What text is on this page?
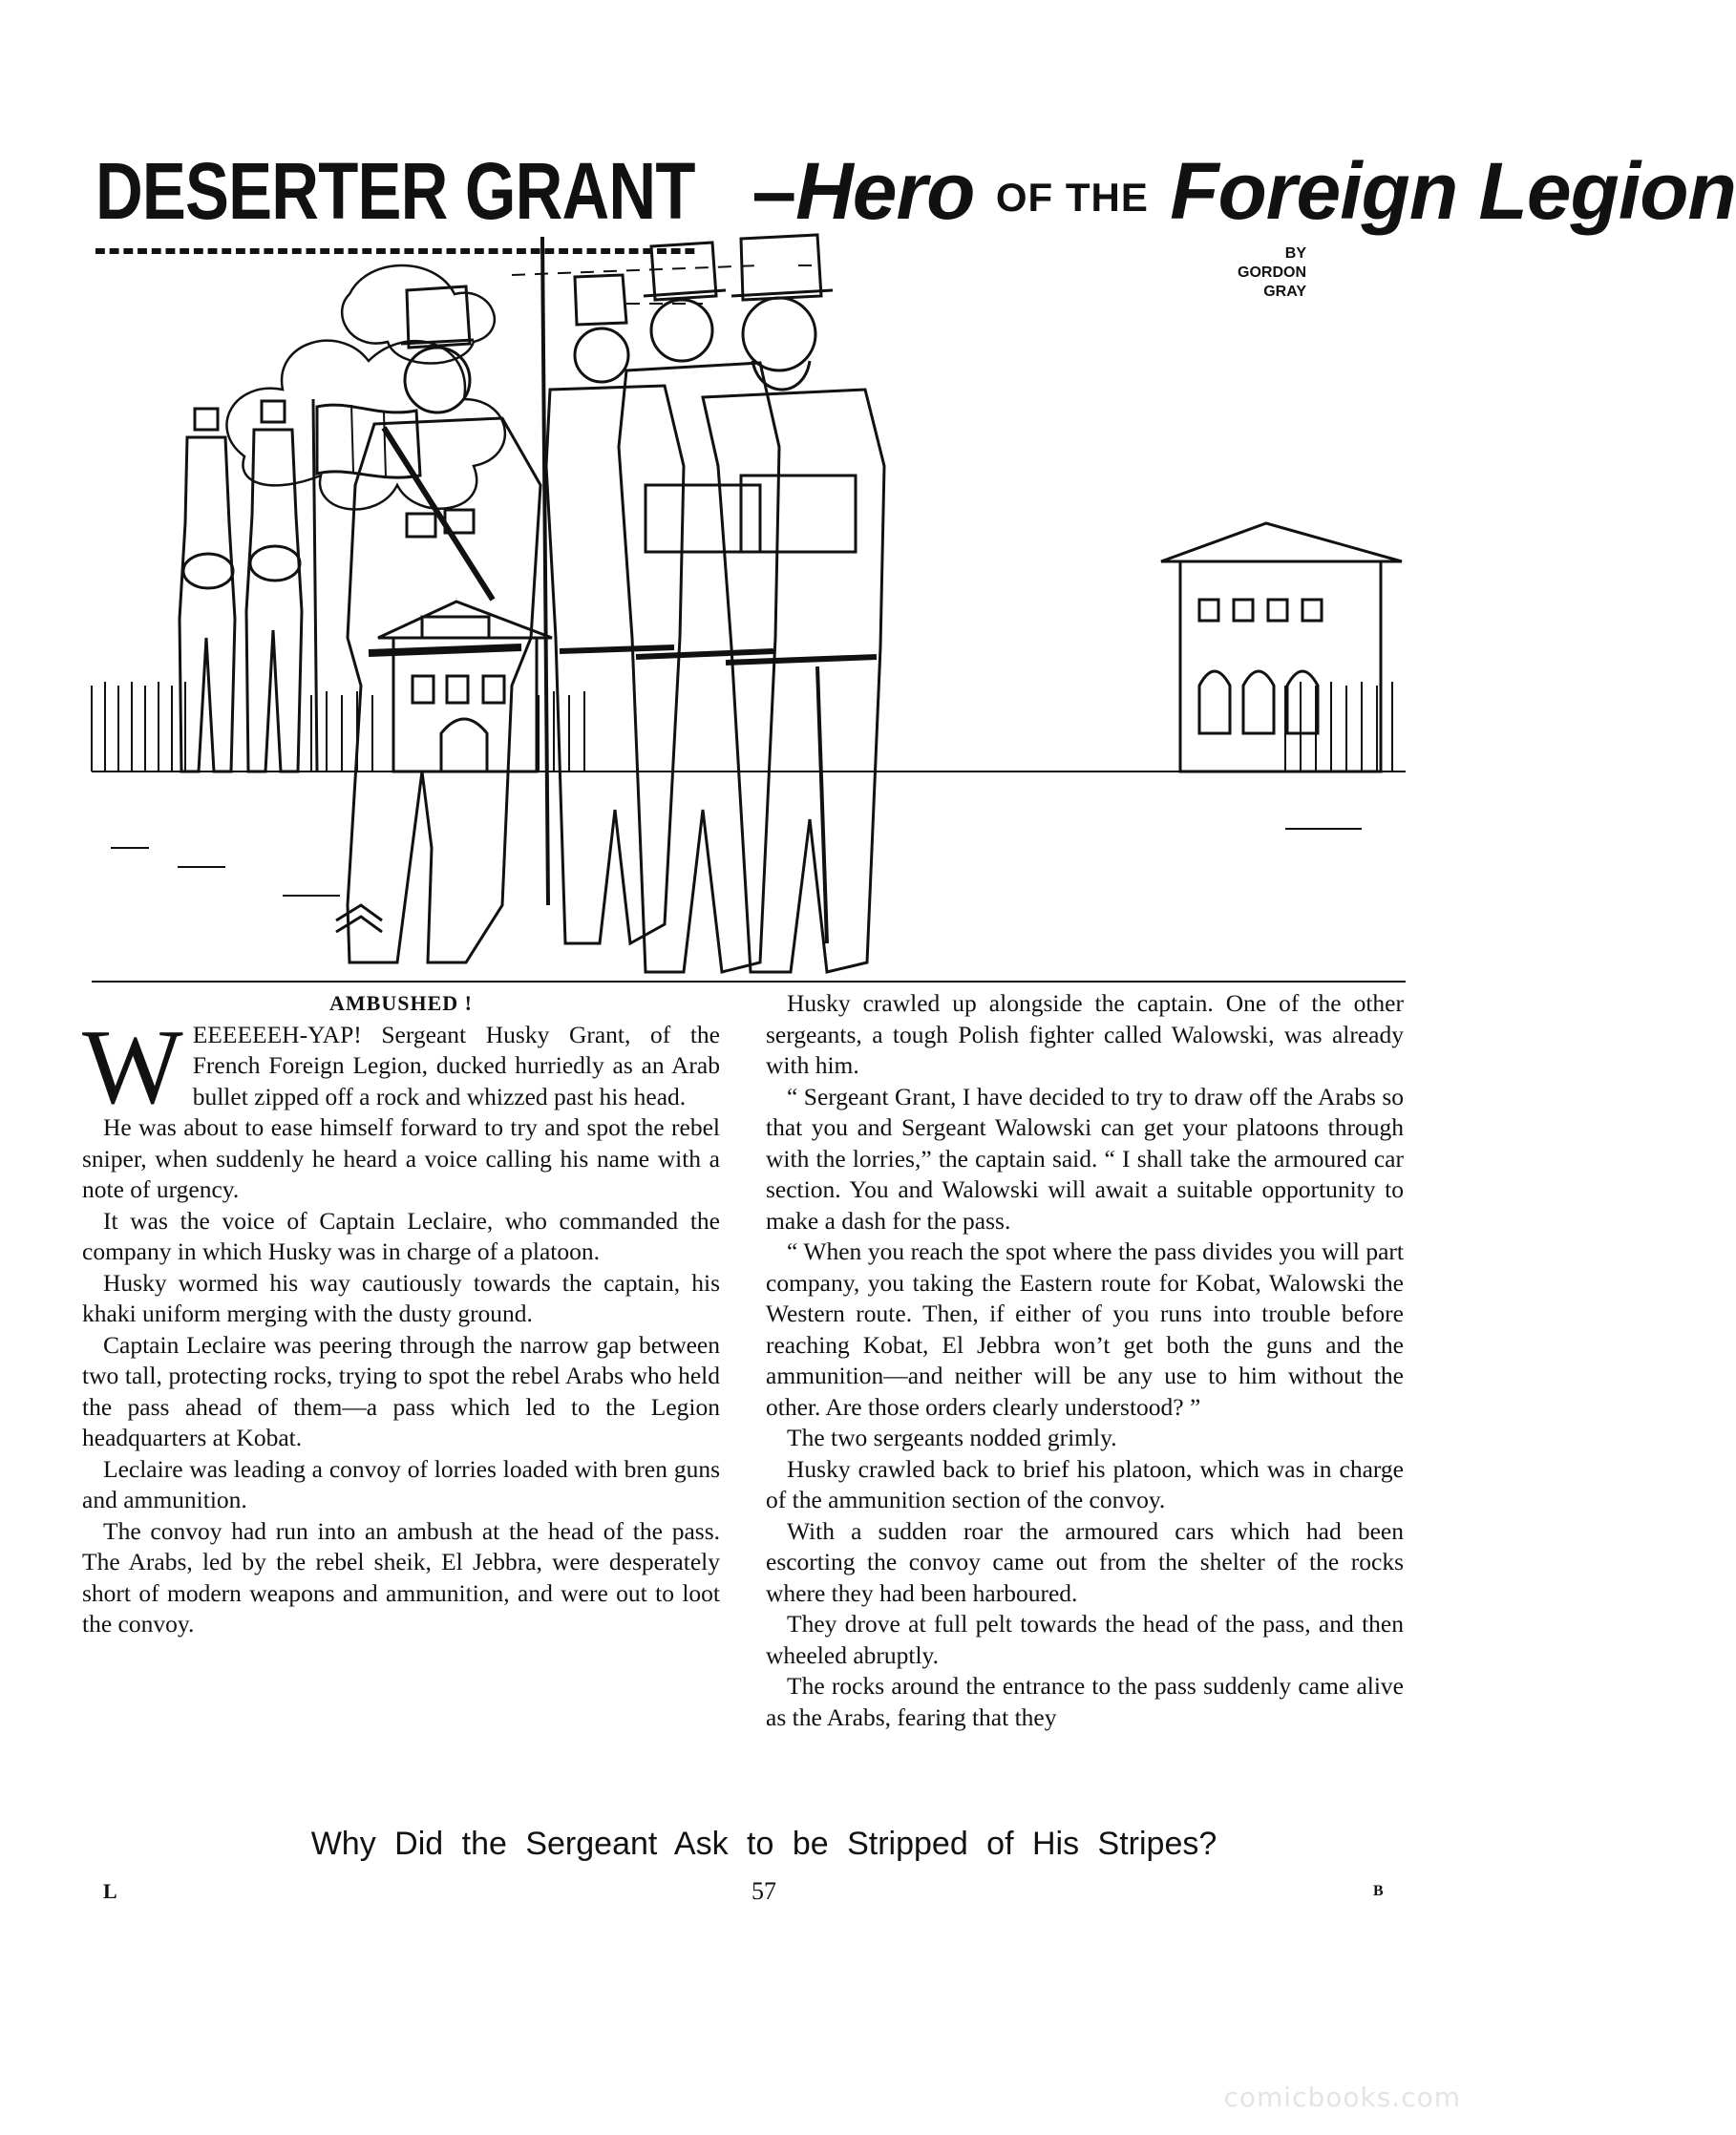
DESERTER GRANT –Hero OF THE Foreign Legion
BY
GORDON
GRAY

AMBUSHED !

WEEEEEEH-YAP! Sergeant Husky Grant, of the French Foreign Legion, ducked hurriedly as an Arab bullet zipped off a rock and whizzed past his head.

He was about to ease himself forward to try and spot the rebel sniper, when suddenly he heard a voice calling his name with a note of urgency.

It was the voice of Captain Leclaire, who commanded the company in which Husky was in charge of a platoon.

Husky wormed his way cautiously towards the captain, his khaki uniform merging with the dusty ground.

Captain Leclaire was peering through the narrow gap between two tall, protecting rocks, trying to spot the rebel Arabs who held the pass ahead of them—a pass which led to the Legion headquarters at Kobat.

Leclaire was leading a convoy of lorries loaded with bren guns and ammunition.

The convoy had run into an ambush at the head of the pass. The Arabs, led by the rebel sheik, El Jebbra, were desperately short of modern weapons and ammunition, and were out to loot the convoy.

Husky crawled up alongside the captain. One of the other sergeants, a tough Polish fighter called Walowski, was already with him.

“ Sergeant Grant, I have decided to try to draw off the Arabs so that you and Sergeant Walowski can get your platoons through with the lorries,” the captain said. “ I shall take the armoured car section. You and Walowski will await a suitable opportunity to make a dash for the pass.

“ When you reach the spot where the pass divides you will part company, you taking the Eastern route for Kobat, Walowski the Western route. Then, if either of you runs into trouble before reaching Kobat, El Jebbra won’t get both the guns and the ammunition—and neither will be any use to him without the other. Are those orders clearly understood? ”

The two sergeants nodded grimly.

Husky crawled back to brief his platoon, which was in charge of the ammunition section of the convoy.

With a sudden roar the armoured cars which had been escorting the convoy came out from the shelter of the rocks where they had been harboured.

They drove at full pelt towards the head of the pass, and then wheeled abruptly.

The rocks around the entrance to the pass suddenly came alive as the Arabs, fearing that they

Why Did the Sergeant Ask to be Stripped of His Stripes?
L	57	B
comicbooks.com
